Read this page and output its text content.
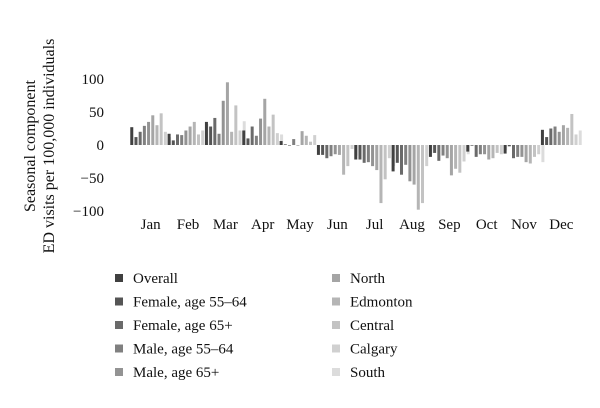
Seasonal component ED visits per 100,000 individuals 100
50
0
−50
−100
Jan Feb Mar Apr May Jun Jul Aug Sep Oct Nov Dec
Overall
Female, age 55–64
Female, age 65+
Male, age 55–64
Male, age 65+
North
Edmonton
Central
Calgary
South
